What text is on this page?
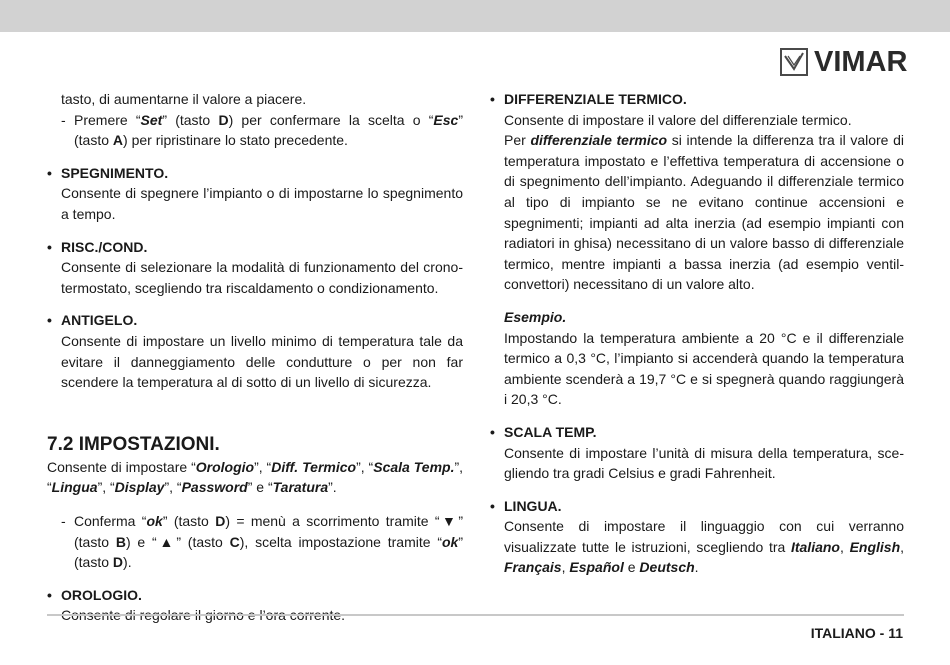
VIMAR

tasto, di aumentarne il valore a piacere.

- Premere “Set” (tasto D) per confermare la scelta o “Esc” (tasto A) per ripristinare lo stato precedente.

• SPEGNIMENTO.

Consente di spegnere l’impianto o di impostarne lo spegnimento a tempo.

• RISC./COND.

Consente di selezionare la modalità di funzionamento del crono-termostato, scegliendo tra riscaldamento o condizionamento.

• ANTIGELO.

Consente di impostare un livello minimo di temperatura tale da evitare il danneggiamento delle condutture o per non far scendere la temperatura al di sotto di un livello di sicurezza.

7.2 IMPOSTAZIONI.

Consente di impostare “Orologio”, “Diff. Termico”, “Scala Temp.”, “Lingua”, “Display”, “Password” e “Taratura”.

- Conferma “ok” (tasto D) = menù a scorrimento tramite “▼” (tasto B) e “▲” (tasto C), scelta impostazione tramite “ok” (tasto D).

• OROLOGIO.

• DIFFERENZIALE TERMICO.

Consente di impostare il valore del differenziale termico.

Per differenziale termico si intende la differenza tra il valore di temperatura impostato e l’effettiva temperatura di accensione o di spegnimento dell’impianto. Adeguando il differenziale termico al tipo di impianto se ne evitano continue accensioni e spegnimenti; impianti ad alta inerzia (ad esempio impianti con radiatori in ghisa) necessitano di un valore basso di differenziale termico, mentre impianti a bassa inerzia (ad esempio ventil-convettori) necessitano di un valore alto.

Esempio.

Impostando la temperatura ambiente a 20 °C e il differenziale termico a 0,3 °C, l’impianto si accenderà quando la temperatura ambiente scenderà a 19,7 °C e si spegnerà quando raggiungerà i 20,3 °C.

• SCALA TEMP.

Consente di impostare l’unità di misura della temperatura, sce-gliendo tra gradi Celsius e gradi Fahrenheit.

• LINGUA.

Consente di impostare il linguaggio con cui verranno visualizzate tutte le istruzioni, scegliendo tra Italiano, English, Français, Español e Deutsch.

ITALIANO - 11
